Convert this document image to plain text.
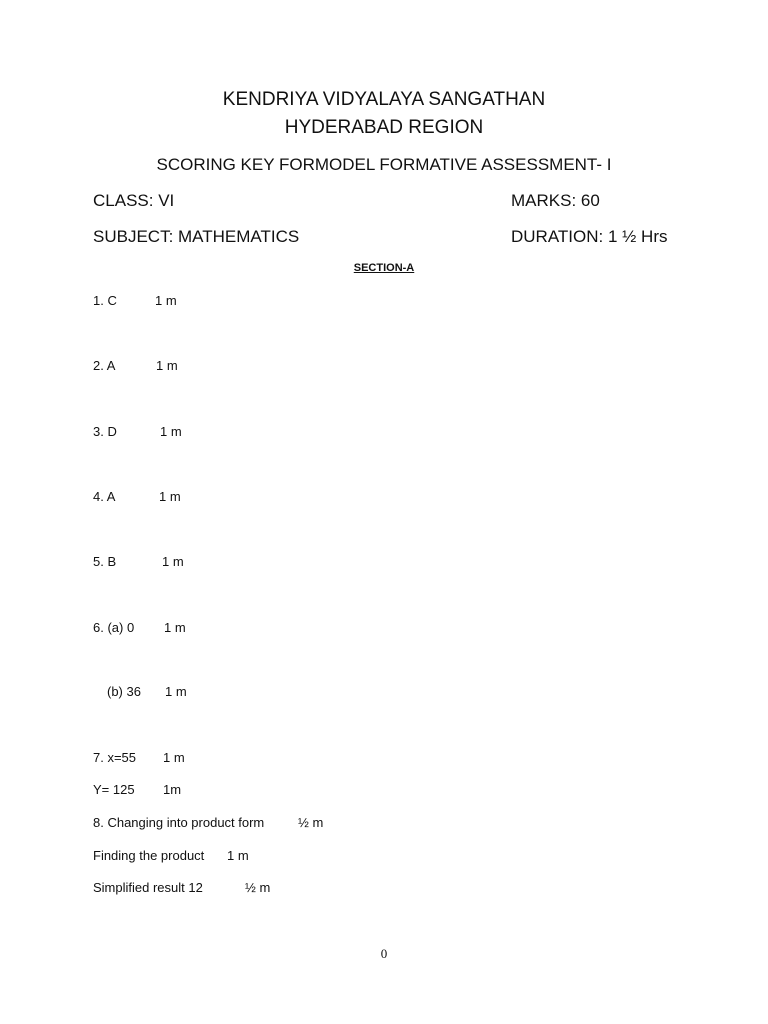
KENDRIYA VIDYALAYA SANGATHAN
HYDERABAD REGION
SCORING KEY FORMODEL FORMATIVE ASSESSMENT- I
CLASS: VI	MARKS: 60
SUBJECT: MATHEMATICS	DURATION: 1 ½ Hrs
SECTION-A
1. C	1 m
2. A	1 m
3. D	1 m
4. A	1 m
5. B	1 m
6. (a) 0 1 m
(b) 36 1 m
7. x=55 1 m
Y= 125 1m
8. Changing into product form	½ m
Finding the product 1 m
Simplified result 12	½ m
0
